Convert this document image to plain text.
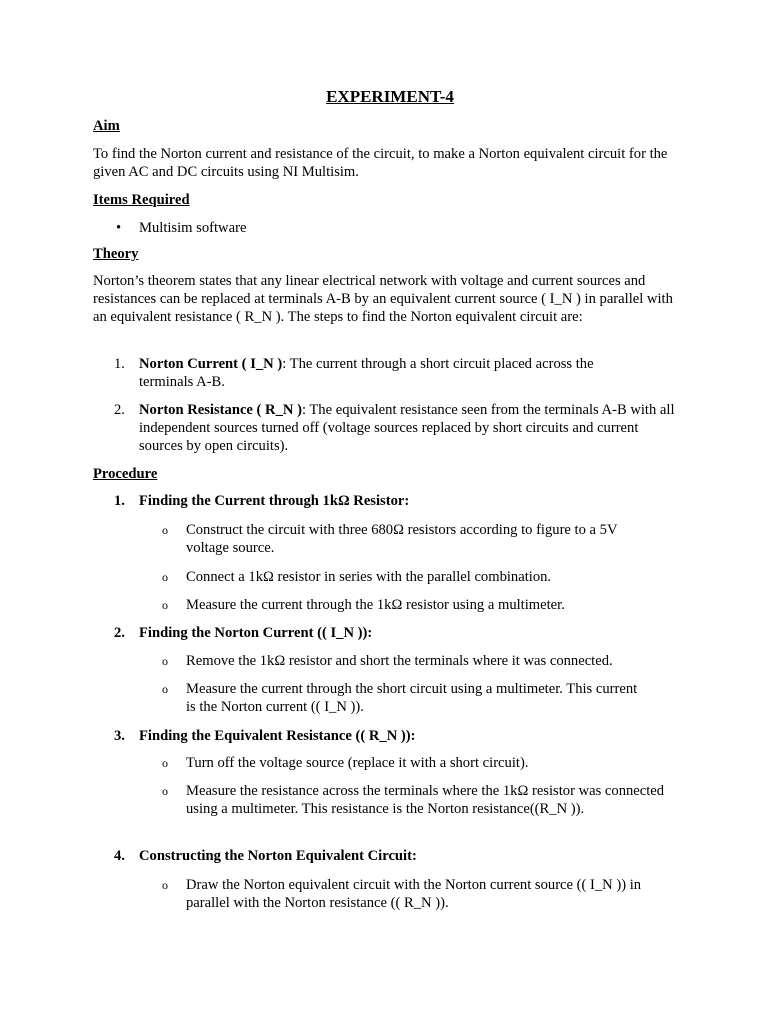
EXPERIMENT-4
Aim
To find the Norton current and resistance of the circuit, to make a Norton equivalent circuit for the given AC and DC circuits using NI Multisim.
Items Required
• Multisim software
Theory
Norton’s theorem states that any linear electrical network with voltage and current sources and resistances can be replaced at terminals A-B by an equivalent current source ( I_N ) in parallel with an equivalent resistance ( R_N ). The steps to find the Norton equivalent circuit are:
1. Norton Current ( I_N ): The current through a short circuit placed across the terminals A-B.
2. Norton Resistance ( R_N ): The equivalent resistance seen from the terminals A-B with all independent sources turned off (voltage sources replaced by short circuits and current sources by open circuits).
Procedure
1. Finding the Current through 1kΩ Resistor:
o Construct the circuit with three 680Ω resistors according to figure to a 5V voltage source.
o Connect a 1kΩ resistor in series with the parallel combination.
o Measure the current through the 1kΩ resistor using a multimeter.
2. Finding the Norton Current (( I_N )):
o Remove the 1kΩ resistor and short the terminals where it was connected.
o Measure the current through the short circuit using a multimeter. This current is the Norton current (( I_N )).
3. Finding the Equivalent Resistance (( R_N )):
o Turn off the voltage source (replace it with a short circuit).
o Measure the resistance across the terminals where the 1kΩ resistor was connected using a multimeter. This resistance is the Norton resistance((R_N )).
4. Constructing the Norton Equivalent Circuit:
o Draw the Norton equivalent circuit with the Norton current source (( I_N )) in parallel with the Norton resistance (( R_N )).
